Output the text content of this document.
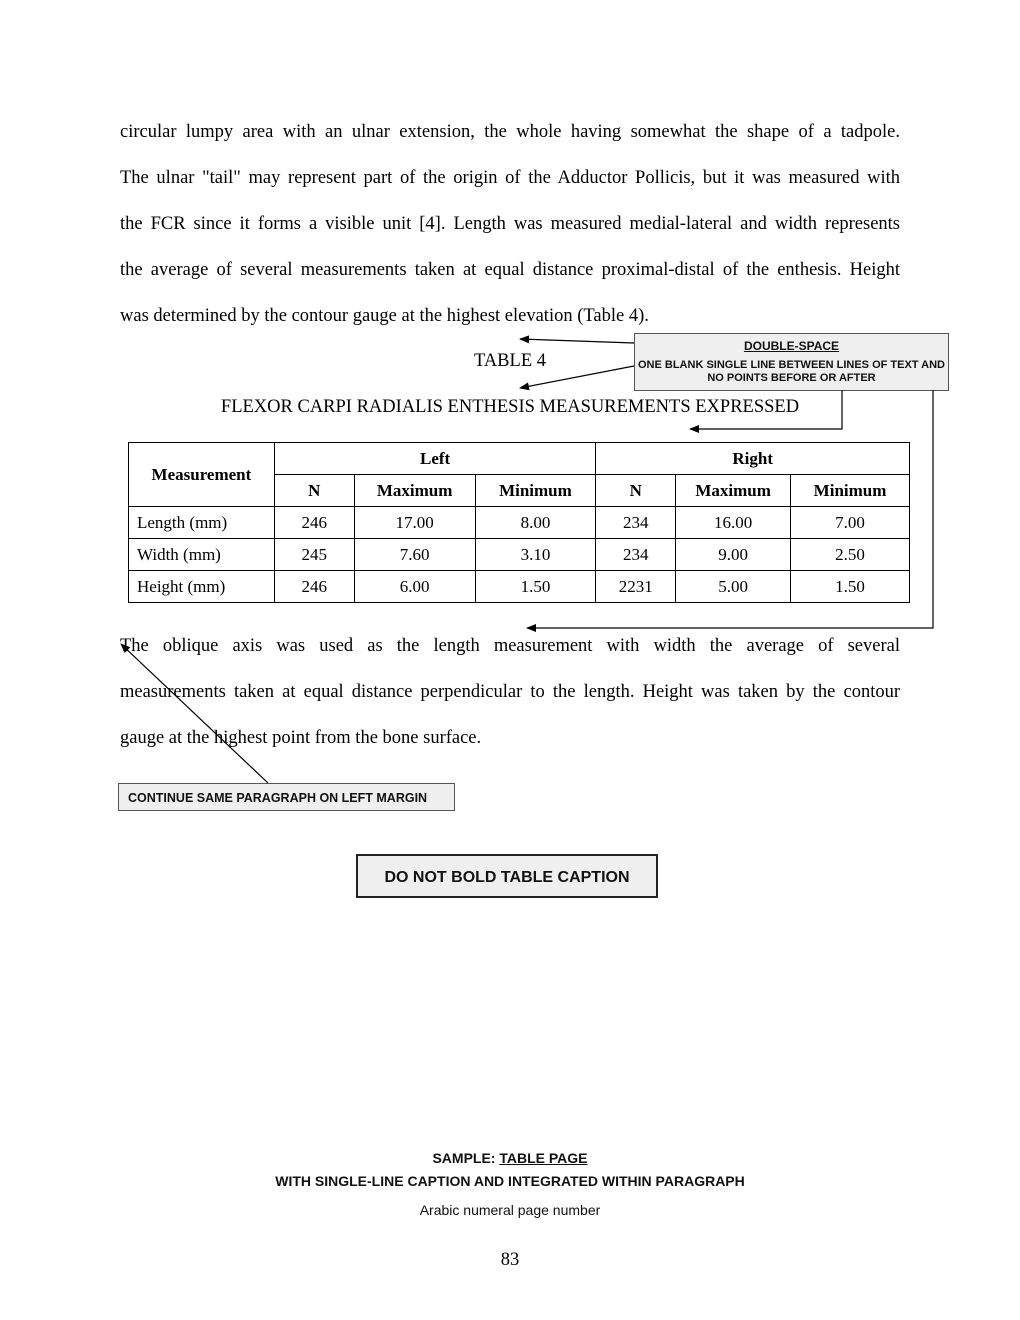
circular lumpy area with an ulnar extension, the whole having somewhat the shape of a tadpole.
The ulnar "tail" may represent part of the origin of the Adductor Pollicis, but it was measured with
the FCR since it forms a visible unit [4]. Length was measured medial-lateral and width represents
the average of several measurements taken at equal distance proximal-distal of the enthesis. Height
was determined by the contour gauge at the highest elevation (Table 4).
TABLE 4
FLEXOR CARPI RADIALIS ENTHESIS MEASUREMENTS EXPRESSED
Measurement	Left			Right		
	N	Maximum	Minimum	N	Maximum	Minimum
Length (mm)	246	17.00	8.00	234	16.00	7.00
Width (mm)	245	7.60	3.10	234	9.00	2.50
Height (mm)	246	6.00	1.50	2231	5.00	1.50
The oblique axis was used as the length measurement with width the average of several
measurements taken at equal distance perpendicular to the length. Height was taken by the contour
gauge at the highest point from the bone surface.
DOUBLE-SPACE
ONE BLANK SINGLE LINE BETWEEN LINES OF TEXT AND NO POINTS BEFORE OR AFTER
CONTINUE SAME PARAGRAPH ON LEFT MARGIN
DO NOT BOLD TABLE CAPTION
SAMPLE: TABLE PAGE
WITH SINGLE-LINE CAPTION AND INTEGRATED WITHIN PARAGRAPH
Arabic numeral page number
83
